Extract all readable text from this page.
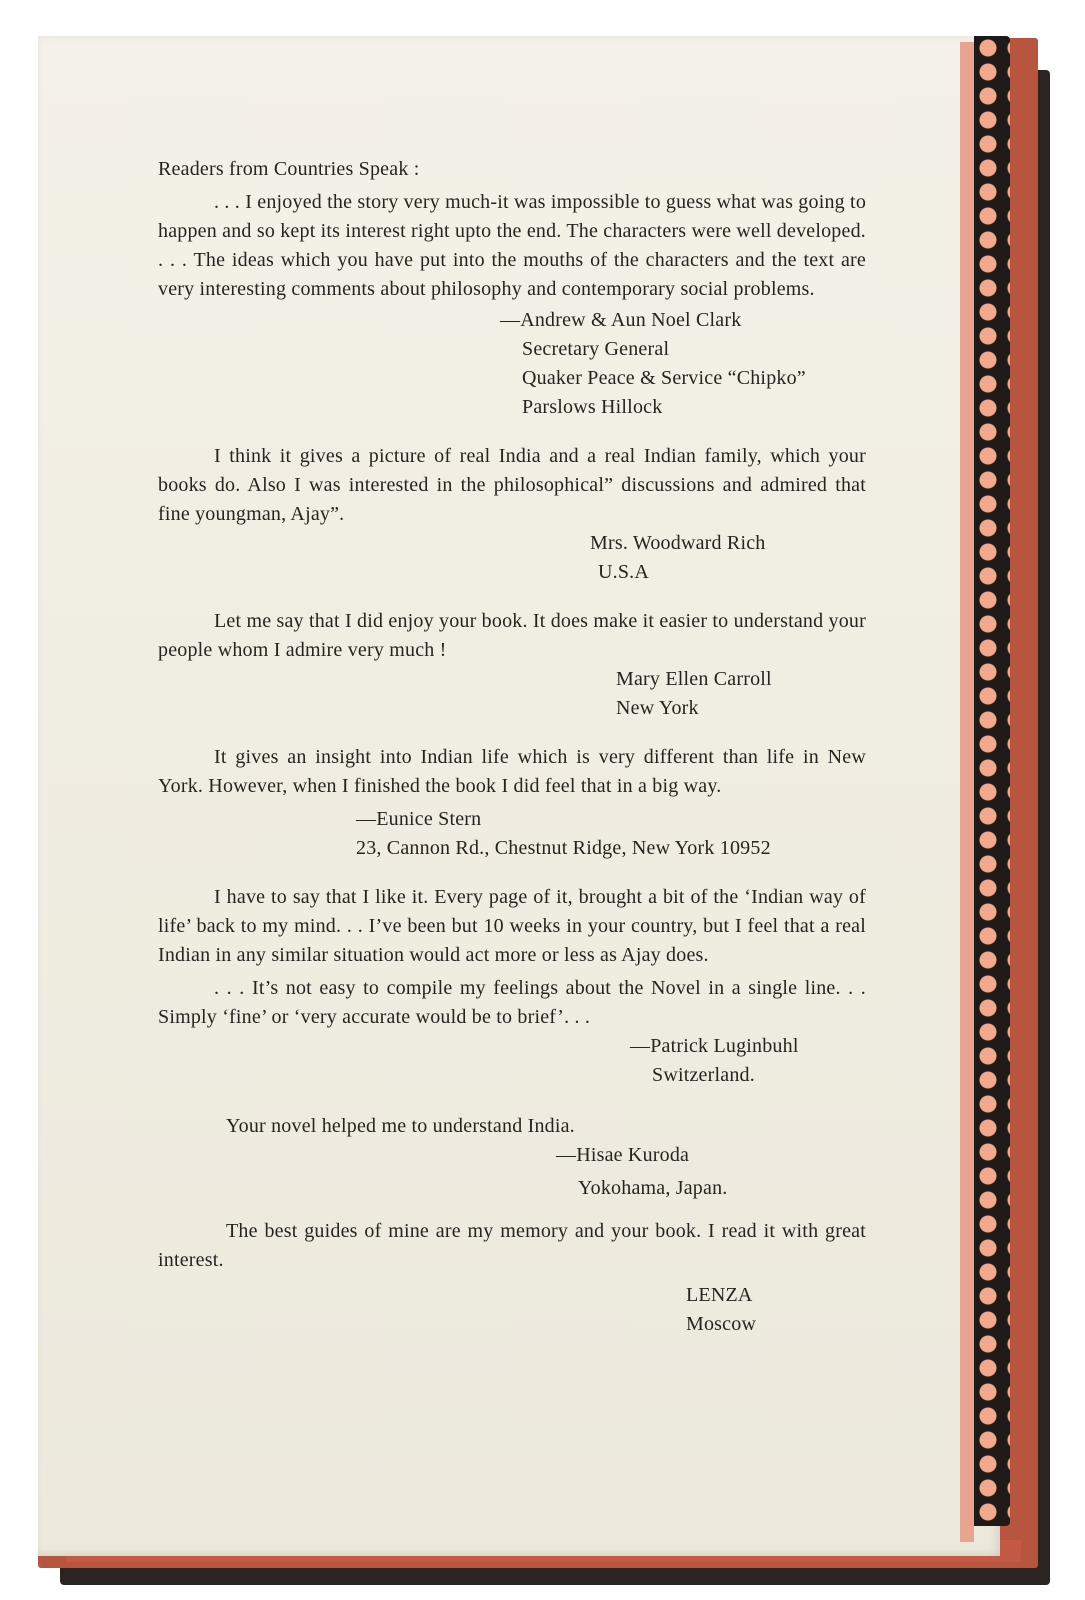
Readers from Countries Speak :

. . . I enjoyed the story very much-it was impossible to guess what was going to happen and so kept its interest right upto the end. The characters were well developed. . . . The ideas which you have put into the mouths of the characters and the text are very interesting comments about philosophy and contemporary social problems.

—Andrew & Aun Noel Clark

Secretary General

Quaker Peace & Service “Chipko”

Parslows Hillock

I think it gives a picture of real India and a real Indian family, which your books do. Also I was interested in the philosophical” discussions and admired that fine youngman, Ajay”.

Mrs. Woodward Rich

U.S.A

Let me say that I did enjoy your book. It does make it easier to understand your people whom I admire very much !

Mary Ellen Carroll

New York

It gives an insight into Indian life which is very different than life in New York. However, when I finished the book I did feel that in a big way.

—Eunice Stern

23, Cannon Rd., Chestnut Ridge, New York 10952

I have to say that I like it. Every page of it, brought a bit of the ‘Indian way of life’ back to my mind. . . I’ve been but 10 weeks in your country, but I feel that a real Indian in any similar situation would act more or less as Ajay does.

. . . It’s not easy to compile my feelings about the Novel in a single line. . . Simply ‘fine’ or ‘very accurate would be to brief’. . .

—Patrick Luginbuhl

Switzerland.

Your novel helped me to understand India.

—Hisae Kuroda

Yokohama, Japan.

The best guides of mine are my memory and your book. I read it with great interest.

LENZA

Moscow
